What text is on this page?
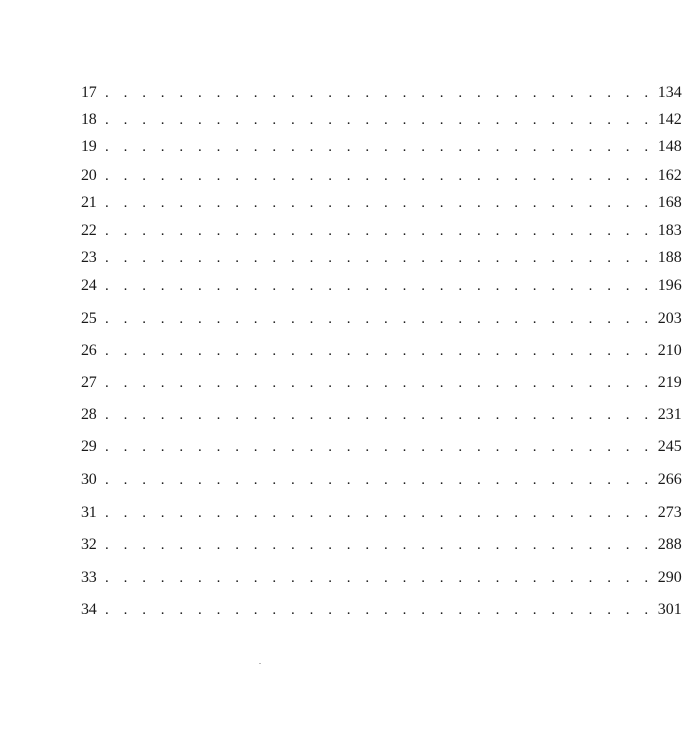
17 . . . . . . . . . . . . . . . . . . . . . . . . . . . . . . 134
18 . . . . . . . . . . . . . . . . . . . . . . . . . . . . . . 142
19 . . . . . . . . . . . . . . . . . . . . . . . . . . . . . . 148
20 . . . . . . . . . . . . . . . . . . . . . . . . . . . . . . 162
21 . . . . . . . . . . . . . . . . . . . . . . . . . . . . . . 168
22 . . . . . . . . . . . . . . . . . . . . . . . . . . . . . . 183
23 . . . . . . . . . . . . . . . . . . . . . . . . . . . . . . 188
24 . . . . . . . . . . . . . . . . . . . . . . . . . . . . . . 196
25 . . . . . . . . . . . . . . . . . . . . . . . . . . . . . . 203
26 . . . . . . . . . . . . . . . . . . . . . . . . . . . . . . 210
27 . . . . . . . . . . . . . . . . . . . . . . . . . . . . . . 219
28 . . . . . . . . . . . . . . . . . . . . . . . . . . . . . . 231
29 . . . . . . . . . . . . . . . . . . . . . . . . . . . . . . 245
30 . . . . . . . . . . . . . . . . . . . . . . . . . . . . . . 266
31 . . . . . . . . . . . . . . . . . . . . . . . . . . . . . . 273
32 . . . . . . . . . . . . . . . . . . . . . . . . . . . . . . 288
33 . . . . . . . . . . . . . . . . . . . . . . . . . . . . . . 290
34 . . . . . . . . . . . . . . . . . . . . . . . . . . . . . . 301
